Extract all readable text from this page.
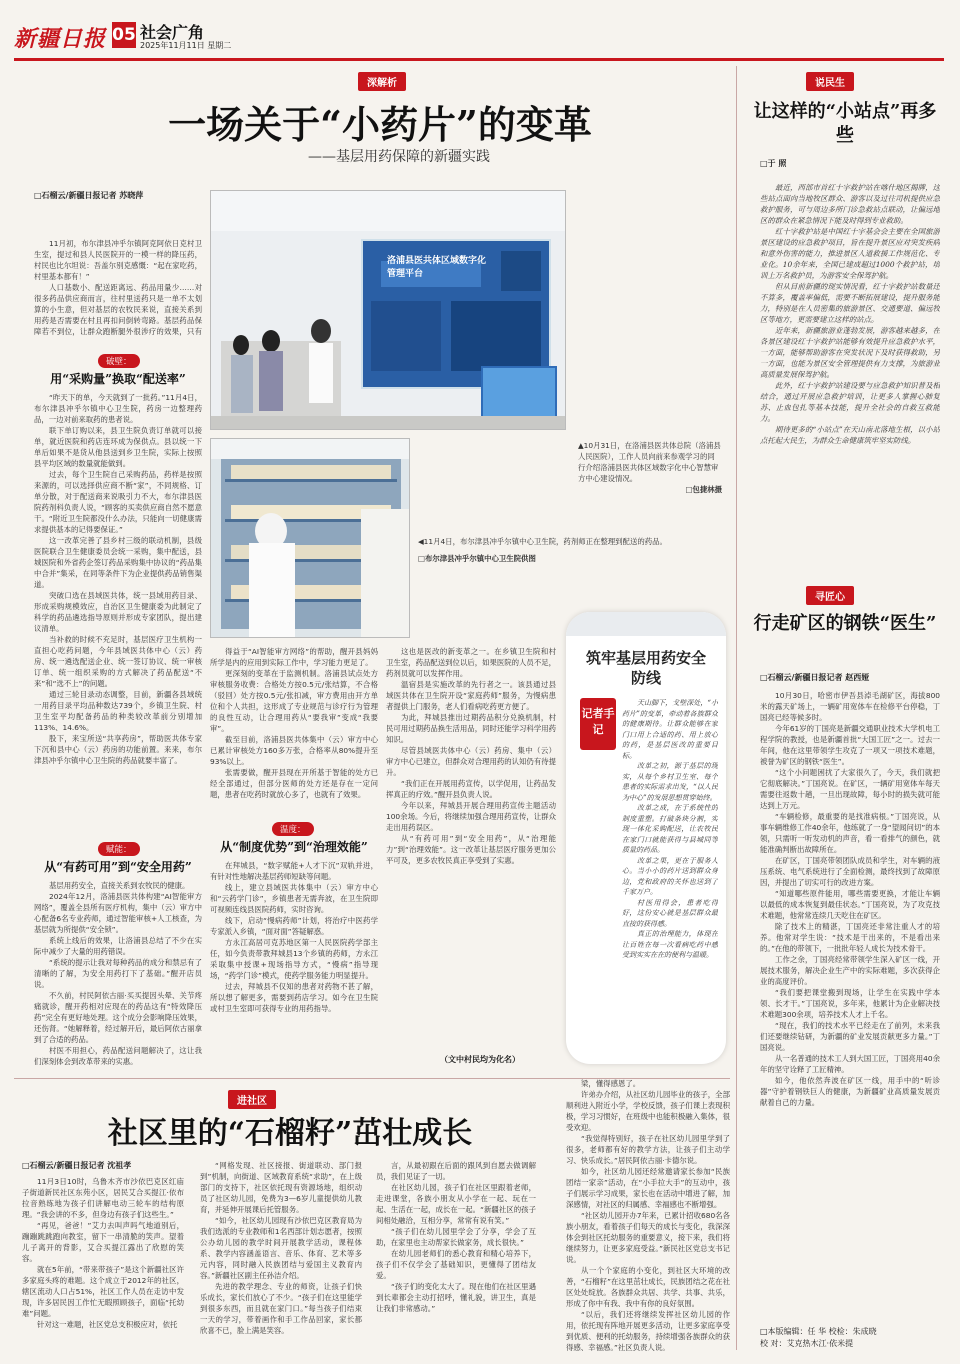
新疆日报 05 社会广角
2025年11月11日 星期二
深解析
一场关于“小药片”的变革
——基层用药保障的新疆实践
□石榴云/新疆日报记者 苏晓萍

11月初，布尔津县冲乎尔镇阿克阿依日克村卫生室，提过和县人民医院开的一模一样的降压药，村民也比尔坦说：吾盖尔别克感慨：“起在家吃药，村里基本都有！”

人口基数小、配送距离远、药品用量少……对很多药品供应商而言，往村里送药只是一单不太划算的小生意，但对基层的农牧民来说，直接关系到用药是否需要在村且再扣问倒转弯路。基层药品保障若不到位，让群众跑断腿外很涉疗的效果，只有

破壁：
用“采购量”换取“配送率”

“昨天下的单，今天就到了一批药。”11月4日，布尔津县冲乎尔镇中心卫生院，药房一边整理药品，一边对前来取药的患者说。

联下单订购以来，县卫生院负责订单就可以接单，就近医院和药店连环成为保供点。县以统一下单后如果不是货从他县送到乡卫生院，实际上按照县平均区域的数量就能做到。

过去，每个卫生院自己采购药品，药样是按照来源的，可以选择供应商不断“家”，不同规格、订单分散，对于配送商来说吸引力不大，布尔津县医院药剂科负责人说，“顾客的买卖供应商自然不愿意干。“附近卫生院都没什么办法，只能向一切健康需求提供基本的记得要保证。”

这一改革完善了县乡村三级的联动机制，县级医院联合卫生健康委员会统一采购，集中配送，县城医院和外省药企签订药品采购集中协议的“药品集中合并”集采，在同等条件下为企业提供药品销售渠道。

突破口选在县域医共体，统一县域用药目录、形成采购规模效应，自治区卫生健康委为此制定了科学的药品遴选指导原则并形成专家团队，提出建议清单。

当补救的时候不充足时，基层医疗卫生机构一直担心吃药问题，今年县域医共体中心（云）药房、统一遴选配送企业、统一签订协议、统一审核订单、统一组织采购的方式解决了药品配送“不来”和“选不上”的问题。

通过三轮目录动态调整，目前，新疆各县域统一用药目录平均品种数达739个，乡镇卫生院、村卫生室平均配备药品的种类较改革前分别增加113%、14.6%。

股下，来宝所送“共享药房”，帮助医共体专家下沉和县中心（云）药房的功能前置。来来，布尔津县冲乎尔镇中心卫生院的药品就要丰富了。

赋能：
从“有药可用”到“安全用药”

基层用药安全，直接关系到农牧民的健康。

2024年12月，洛浦县医共体构建“AI智能审方网络”，覆盖全县所有医疗机构，集中（云）审方中心配备6名专业药师，通过智能审核+人工核查，为基层就为所提供“安全锁”。

系统上线后的效果，让洛浦县总结了不少在实际中减少了大量的用药错误。

“系统的提示让我对每种药品的成分和禁忌有了清晰的了解，为安全用药打下了基础。”醒开店员说。

不久前，村民阿依古丽·买买提因头晕、关节疼痛就诊，醒开药相对应现在的药品这有“特效降压药”完全有更好地处理。这个成分会影响降压效果，还伤肾。“她解释着，经过解开后，最后阿依古丽拿到了合适的药品。

村医不用担心，药品配送问题解决了，这让我们深刻体会到改革带来的实惠。

洛浦县医共体区域数字化管理平台
▲10月31日，在洛浦县医共体总院（洛浦县人民医院），工作人员向前来参观学习的同行介绍洛浦县医共体区域数字化中心智慧审方中心建设情况。

□包捷林摄
◀11月4日，布尔津县冲乎尔镇中心卫生院，药剂师正在整理到配送的药品。

□布尔津县冲乎尔镇中心卫生院供图

得益于“AI智能审方网络”的帮助，醒开县妈妈所学是内的应用到实际工作中，学习能力更足了。

更深刻的变革在于监测机制。洛浦县试点处方审核服务收费：合格处方按0.5元/张结算，不合格（驳回）处方按0.5元/张扣减，审方费用由开方单位和个人共担，这形成了专业规范与诊疗行为管理的良性互动，让合理用药从“要我审”变成“我要审”。

截至目前，洛浦县医共体集中（云）审方中心已累计审核处方160多万张，合格率从80%提升至93%以上。

张需要做，醒开县现在开所基于智能的处方已经全部通过，但部分医师的处方还是存在一定问题，患者在吃药时就放心多了，也就有了效果。

温度：
从“制度优势”到“治理效能”

在拜城县，“数字赋能+人才下沉”双轨并进，有针对性地解决基层药师短缺等问题。

线上，建立县域医共体集中（云）审方中心和“云药学门诊”，乡镇患者无需奔波，在卫生院即可视频连线县医院药师，实时咨询。

线下，启动“慢病药师”计划，将治疗中医药学专家派入乡镇，“面对面”答疑解惑。

方永江高居可克苏地区第一人民医院药学部主任，如今负责带教拜城县13个乡镇的药师，方永江采取集中授课+现场指导方式，“慢病”指导现场，“药学门诊”模式，使药学服务能力明显提升。

过去，拜城县不仅知的患者对药物不甚了解，所以想了解更多，需要到药店学习。如今在卫生院或村卫生室即可获得专业的用药指导。

这也是医改的新变革之一。在乡镇卫生院和村卫生室，药品配送到位以后，如果医院的人员不足，药剂员就可以发挥作用。

温宿县是实施改革的先行者之一。该县通过县域医共体在卫生院开设“家庭药师”服务，为慢病患者提供上门服务，老人们看病吃药更方便了。

为此，拜城县推出过期药品积分兑换机制，村民可用过期药品换生活用品，同时还能学习科学用药知识。

尽管县域医共体中心（云）药房、集中（云）审方中心已建立，但群众对合理用药的认知仍有待提升。

“我们正在开展用药宣传，以学促用，让药品发挥真正的疗效。”醒开县负责人说。

今年以来，拜城县开展合理用药宣传主题活动100余场。今后，将继续加强合理用药宣传，让群众走出用药误区。

从“有药可用”到“安全用药”，从“治理能力”到“治理效能”。这一改革让基层医疗服务更加公平可及，更多农牧民真正享受到了实惠。

（文中村民均为化名）
筑牢基层用药安全防线
记者手记

天山脚下，戈壁深处，“小药片”的变革，牵动着各族群众的健康期待。让群众能够在家门口用上合适的药、用上放心的药，是基层医改的重要目标。

改革之初，源于基层的现实，从每个乡村卫生室、每个患者的实际需求出发，“以人民为中心”的发展思想贯穿始终。

改革之成，在于系统性的制度重塑。打破条块分割，实现一体化采购配送，让农牧民在家门口就能获得与县城同等质量的药品。

改革之果，更在于服务人心。当小小的药片送到群众身边，党和政府的关怀也送到了千家万户。

村医用得会，患者吃得好，这份安心就是基层群众最直接的获得感。

真正的治理能力，体现在让百姓在每一次看病吃药中感受到实实在在的便利与温暖。

说民生
让这样的“小站点”再多些
□于 照

最近，西部市首红十字救护站在喀什地区揭牌，这些站点面向当地牧区群众、游客以及过往司机提供应急救护服务，可与周边多所门诊急救站点联动，让偏远地区的群众在紧急情况下能及时得到专业救助。

红十字救护站是中国红十字基会会主要在全国旅游景区建设的应急救护项目，旨在提升景区应对突发疾病和意外伤害的能力，推进景区人道救援工作规范化、专业化。10余年来，全国已建成超过1000个救护站，培训上万名救护员，为游客安全保驾护航。

但从目前新疆的现实情况看，红十字救护站数量还不算多，覆盖率偏低，需要不断拓展建设，提升服务能力，特别是在人员密集的旅游景区、交通要道、偏远牧区等地方，更需要建立这样的站点。

近年来，新疆旅游业蓬勃发展，游客越来越多，在各景区建设红十字救护站能够有效提升应急救护水平，一方面，能够帮助游客在突发状况下及时获得救助，另一方面，也能为景区安全管理提供有力支撑，为旅游业高质量发展保驾护航。

此外，红十字救护站建设要与应急救护知识普及相结合，通过开展应急救护培训，让更多人掌握心肺复苏、止血包扎等基本技能，提升全社会的自救互救能力。

期待更多的“小站点”在天山南北落地生根，以小站点托起大民生，为群众生命健康筑牢坚实防线。

寻匠心
行走矿区的钢铁“医生”
□石榴云/新疆日报记者 赵西娅

10月30日，哈密市伊吾县淖毛湖矿区，海拔800米的露天矿场上，一辆矿用宽体车在检修平台停稳，丁国亮已经等候多时。

今年61岁的丁国亮是新疆交通职业技术大学机电工程学院的教授，也是新疆首批“大国工匠”之一。过去一年间，他在这里带领学生攻克了一项又一项技术难题，被誉为矿区的钢铁“医生”。

“这个小问题困扰了大家很久了，今天，我们就把它彻底解决。”丁国亮说。在矿区，一辆矿用宽体车每天需要往返数十趟，一旦出现故障，每小时的损失就可能达到上万元。

“车辆检修，最重要的是找准病根。”丁国亮说，从事车辆维修工作40余年，他练就了一身“望闻问切”的本领，只需听一听发动机的声音，看一看排气的颜色，就能准确判断出故障所在。

在矿区，丁国亮带领团队成员和学生，对车辆的液压系统、电气系统进行了全面检测，最终找到了故障原因，并提出了切实可行的改进方案。

“知道哪些原件能用，哪些需要更换，才能让车辆以最低的成本恢复到最佳状态。”丁国亮说，为了攻克技术难题，他常常连续几天吃住在矿区。

除了技术上的精湛，丁国亮还非常注重人才的培养。他常对学生说：“技术是干出来的，不是看出来的。”在他的带领下，一批批年轻人成长为技术骨干。

工作之余，丁国亮经常带领学生深入矿区一线，开展技术服务，解决企业生产中的实际难题，多次获得企业的高度评价。

“我们要把课堂搬到现场，让学生在实践中学本领、长才干。”丁国亮说，多年来，他累计为企业解决技术难题300余项，培养技术人才上千名。

“现在，我们的技术水平已经走在了前列，未来我们还要继续钻研，为新疆的矿业发展贡献更多力量。”丁国亮说。

从一名普通的技术工人到大国工匠，丁国亮用40余年的坚守诠释了工匠精神。

如今，他依然奔波在矿区一线，用手中的“听诊器”守护着钢铁巨人的健康，为新疆矿业高质量发展贡献着自己的力量。

□本版编辑：任 华 校检：朱成晓
校 对：艾克热木江·依米提
进社区
社区里的“石榴籽”茁壮成长
□石榴云/新疆日报记者 沈祖孝

11月3日10时，乌鲁木齐市沙依巴克区红庙子街道新民社区东苑小区，居民艾合买提江·依布拉音熟练地为孩子们讲解电动三轮车的结构原理。“我会讲的不多，但身边有孩子们这些生。”

“再见，爸爸！”艾力去叫声吗气地道别后，蹦蹦跳跳跑向教室，留下一串清脆的笑声。望着儿子离开的背影，艾合买提江露出了欣慰的笑容。

就在5年前，“带来带孩子”是这个新疆社区许多家庭头疼的难题。这个成立于2012年的社区，辖区流动人口占51%，社区工作人员在走访中发现，许多居民因工作忙无暇照顾孩子，面临“托幼难”问题。

针对这一难题，社区党总支积极应对，依托

“网格发现、社区接报、街道联动、部门报到”机制，向街道、区域教育系统“求助”，在上级部门的支持下，社区依托现有资源场地，组织动员了社区幼儿园，免费为3—6岁儿童提供幼儿教育，并延伸开展课后托管服务。

“如今，社区幼儿园现有沙依巴克区教育局为我们选派的专业教师和1名西部计划志愿者，按照公办幼儿园的教学时间开展教学活动，课程体系、教学内容涵盖语言、音乐、体育、艺术等多元内容，同时融入民族团结与爱国主义教育内容。”新疆社区副主任孙洁介绍。

先进的教学理念、专业的师资，让孩子们快乐成长，家长们放心了不少。“孩子们在这里能学到很多东西，而且就在家门口。”每当孩子们结束一天的学习，带着画作和手工作品回家，家长都欣喜不已，脸上满是笑容。

言，从最初跟在后面的跟风到自愿去做调解员，我们见证了一切。

在社区幼儿园，孩子们在社区里跟着老师，走进课堂，各族小朋友从小学在一起、玩在一起、生活在一起，成长在一起。“新疆社区的孩子间相处融洽，互相分享，常常有说有笑。”

“孩子们在幼儿园里学会了分享，学会了互助，在家里也主动帮家长做家务，成长很快。”

在幼儿园老师们的悉心教育和精心培养下，孩子们不仅学会了基础知识，更懂得了团结友爱。

“孩子们的变化太大了。现在他们在社区里遇到长辈都会主动打招呼，懂礼貌，讲卫生，真是让我们非常感动。”

梁，懂得感恩了。

许弟办介绍，从社区幼儿园毕业的孩子，全部顺利进入附近小学，学校反馈，孩子们课上表现积极，学习习惯好，在班级中也能积极融入集体，很受欢迎。

“我觉得特别好，孩子在社区幼儿园里学到了很多，老师都有好的教学方法，让孩子们主动学习、快乐成长。”居民阿依古丽·卡德尔说。

如今，社区幼儿园还经常邀请家长参加“民族团结一家亲”活动，在“小手拉大手”的互动中，孩子们展示学习成果，家长也在活动中增进了解，加深感情，对社区的归属感、幸福感也不断增强。

“社区幼儿园开办7年来，已累计招收680名各族小朋友，看着孩子们每天的成长与变化，我深深体会到社区托幼服务的重要意义，接下来，我们将继续努力，让更多家庭受益。”新民社区党总支书记说。

从一个个家庭的小变化，到社区大环境的改善，“石榴籽”在这里茁壮成长，民族团结之花在社区处处绽放。各族群众共居、共学、共事、共乐，形成了你中有我、我中有你的良好氛围。

“以后，我们还将继续发挥社区幼儿园的作用，依托现有阵地开展更多活动，让更多家庭享受到优质、便利的托幼服务，持续增强各族群众的获得感、幸福感。”社区负责人说。
